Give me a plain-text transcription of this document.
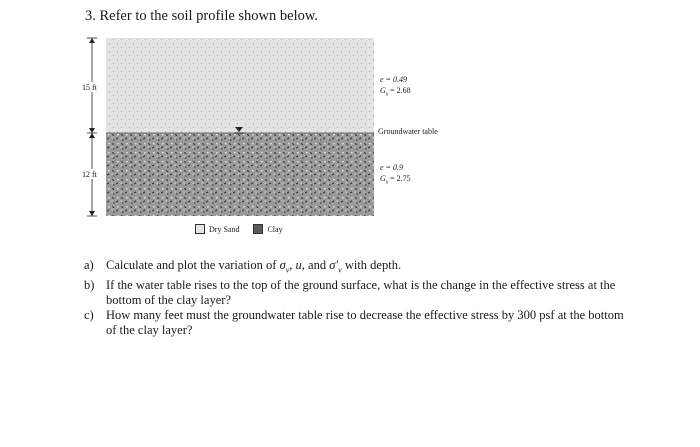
3. Refer to the soil profile shown below.
15 ft
12 ft
e = 0.49
$G_s = 2.68$
Groundwater table
e = 0.9
$G_s = 2.75$
Dry Sand	Clay
a) Calculate and plot the variation of $\sigma_v$, u, and $\sigma'_v$ with depth.
b) If the water table rises to the top of the ground surface, what is the change in the effective stress at the bottom of the clay layer?
c) How many feet must the groundwater table rise to decrease the effective stress by 300 psf at the bottom of the clay layer?
